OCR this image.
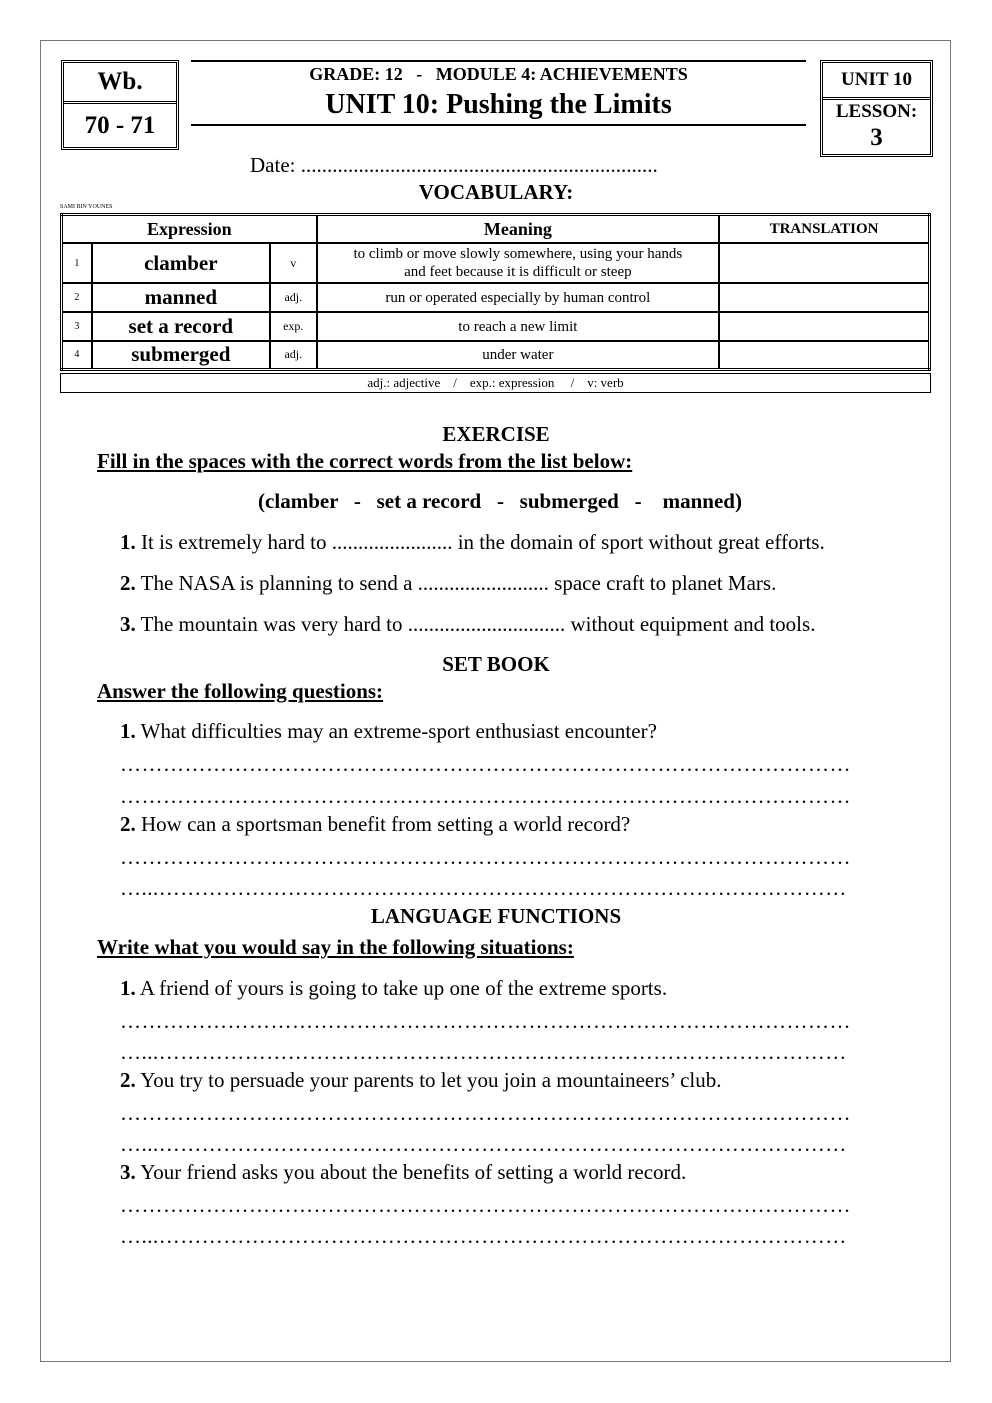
Wb.
70 - 71
GRADE: 12   -   MODULE 4: ACHIEVEMENTS
UNIT 10: Pushing the Limits
UNIT 10
LESSON:
3
Date: ....................................................................
VOCABULARY:
SAMI BIN YOUNES
Expression			Meaning	TRANSLATION
1	clamber	v	to climb or move slowly somewhere, using your hands
and feet because it is difficult or steep	

2	manned	adj.	run or operated especially by human control	
3	set a record	exp.	to reach a new limit	
4	submerged	adj.	under water	
adj.: adjective    /    exp.: expression     /    v: verb
EXERCISE
Fill in the spaces with the correct words from the list below:
(clamber   -   set a record   -   submerged   -    manned)
1. It is extremely hard to ....................... in the domain of sport without great efforts.
2. The NASA is planning to send a ......................... space craft to planet Mars.
3. The mountain was very hard to .............................. without equipment and tools.
SET BOOK
Answer the following questions:
1. What difficulties may an extreme-sport enthusiast encounter?
…………………………………………………………………………………………
…………………………………………………………………………………………
2. How can a sportsman benefit from setting a world record?
…………………………………………………………………………………………
…...……………………………………………………………………………………
LANGUAGE FUNCTIONS
Write what you would say in the following situations:
1. A friend of yours is going to take up one of the extreme sports.
…………………………………………………………………………………………
…...……………………………………………………………………………………
2. You try to persuade your parents to let you join a mountaineers’ club.
…………………………………………………………………………………………
…...……………………………………………………………………………………
3. Your friend asks you about the benefits of setting a world record.
…………………………………………………………………………………………
…...……………………………………………………………………………………
